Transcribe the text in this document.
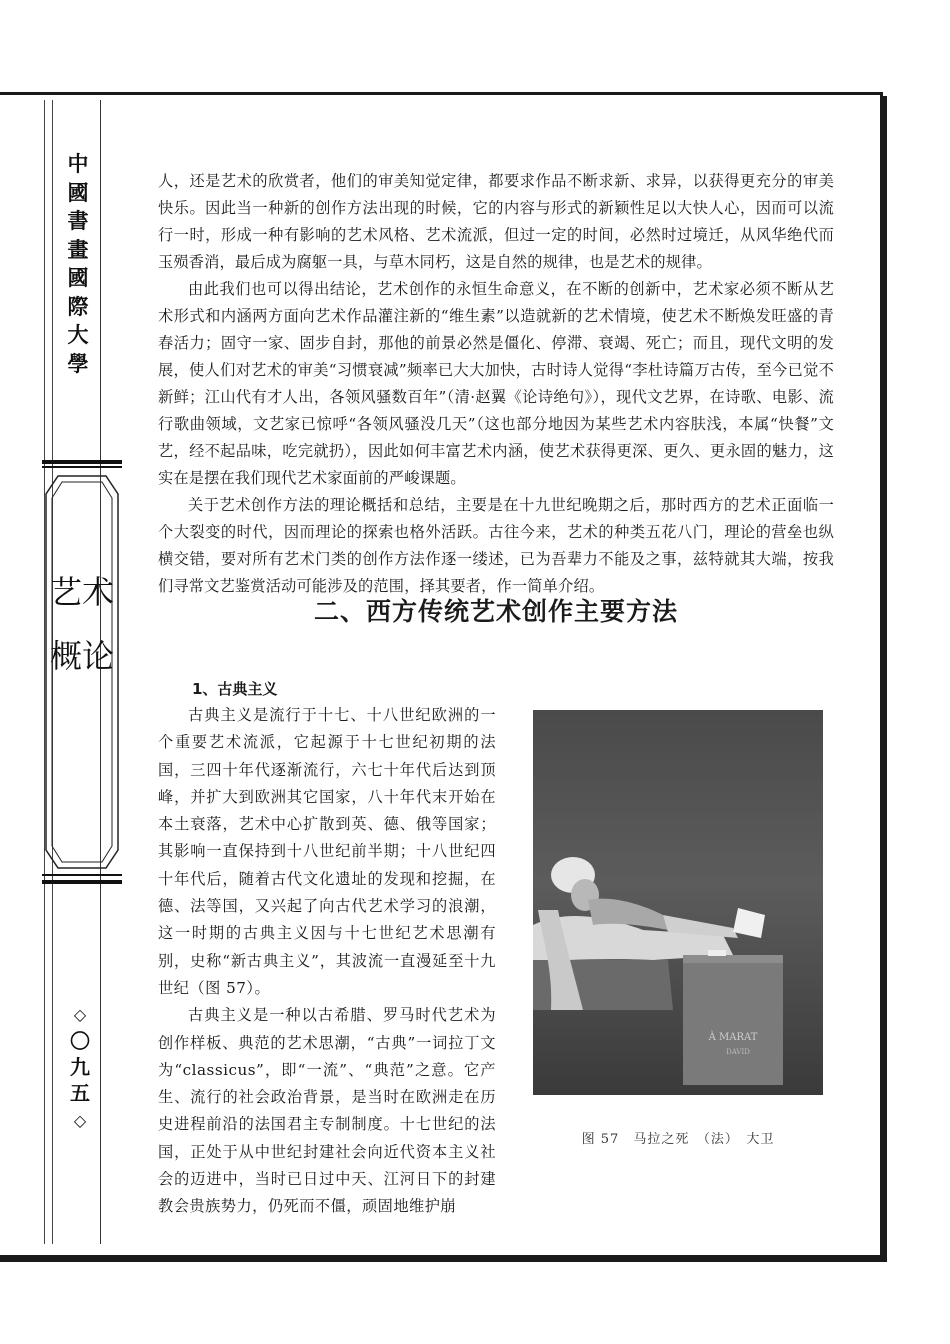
中國書畫國際大學
艺术概论
◇
〇九五
◇

人，还是艺术的欣赏者，他们的审美知觉定律，都要求作品不断求新、求异，以获得更充分的审美快乐。因此当一种新的创作方法出现的时候，它的内容与形式的新颖性足以大快人心，因而可以流行一时，形成一种有影响的艺术风格、艺术流派，但过一定的时间，必然时过境迁，从风华绝代而玉殒香消，最后成为腐躯一具，与草木同朽，这是自然的规律，也是艺术的规律。

由此我们也可以得出结论，艺术创作的永恒生命意义，在不断的创新中，艺术家必须不断从艺术形式和内涵两方面向艺术作品灌注新的“维生素”以造就新的艺术情境，使艺术不断焕发旺盛的青春活力；固守一家、固步自封，那他的前景必然是僵化、停滞、衰竭、死亡；而且，现代文明的发展，使人们对艺术的审美“习惯衰减”频率已大大加快，古时诗人觉得“李杜诗篇万古传，至今已觉不新鲜；江山代有才人出，各领风骚数百年”（清·赵翼《论诗绝句》），现代文艺界，在诗歌、电影、流行歌曲领域，文艺家已惊呼“各领风骚没几天”（这也部分地因为某些艺术内容肤浅，本属“快餐”文艺，经不起品味，吃完就扔），因此如何丰富艺术内涵，使艺术获得更深、更久、更永固的魅力，这实在是摆在我们现代艺术家面前的严峻课题。

关于艺术创作方法的理论概括和总结，主要是在十九世纪晚期之后，那时西方的艺术正面临一个大裂变的时代，因而理论的探索也格外活跃。古往今来，艺术的种类五花八门，理论的营垒也纵横交错，要对所有艺术门类的创作方法作逐一缕述，已为吾辈力不能及之事，兹特就其大端，按我们寻常文艺鉴赏活动可能涉及的范围，择其要者，作一简单介绍。

二、西方传统艺术创作主要方法
1、古典主义

古典主义是流行于十七、十八世纪欧洲的一个重要艺术流派，它起源于十七世纪初期的法国，三四十年代逐渐流行，六七十年代后达到顶峰，并扩大到欧洲其它国家，八十年代末开始在本土衰落，艺术中心扩散到英、德、俄等国家；其影响一直保持到十八世纪前半期；十八世纪四十年代后，随着古代文化遗址的发现和挖掘，在德、法等国，又兴起了向古代艺术学习的浪潮，这一时期的古典主义因与十七世纪艺术思潮有别，史称“新古典主义”，其波流一直漫延至十九世纪（图 57）。

古典主义是一种以古希腊、罗马时代艺术为创作样板、典范的艺术思潮，“古典”一词拉丁文为“classicus”，即“一流”、“典范”之意。它产生、流行的社会政治背景，是当时在欧洲走在历史进程前沿的法国君主专制制度。十七世纪的法国，正处于从中世纪封建社会向近代资本主义社会的迈进中，当时已日过中天、江河日下的封建教会贵族势力，仍死而不僵，顽固地维护崩

À MARAT
DAVID
图 57　马拉之死　（法）　大卫
